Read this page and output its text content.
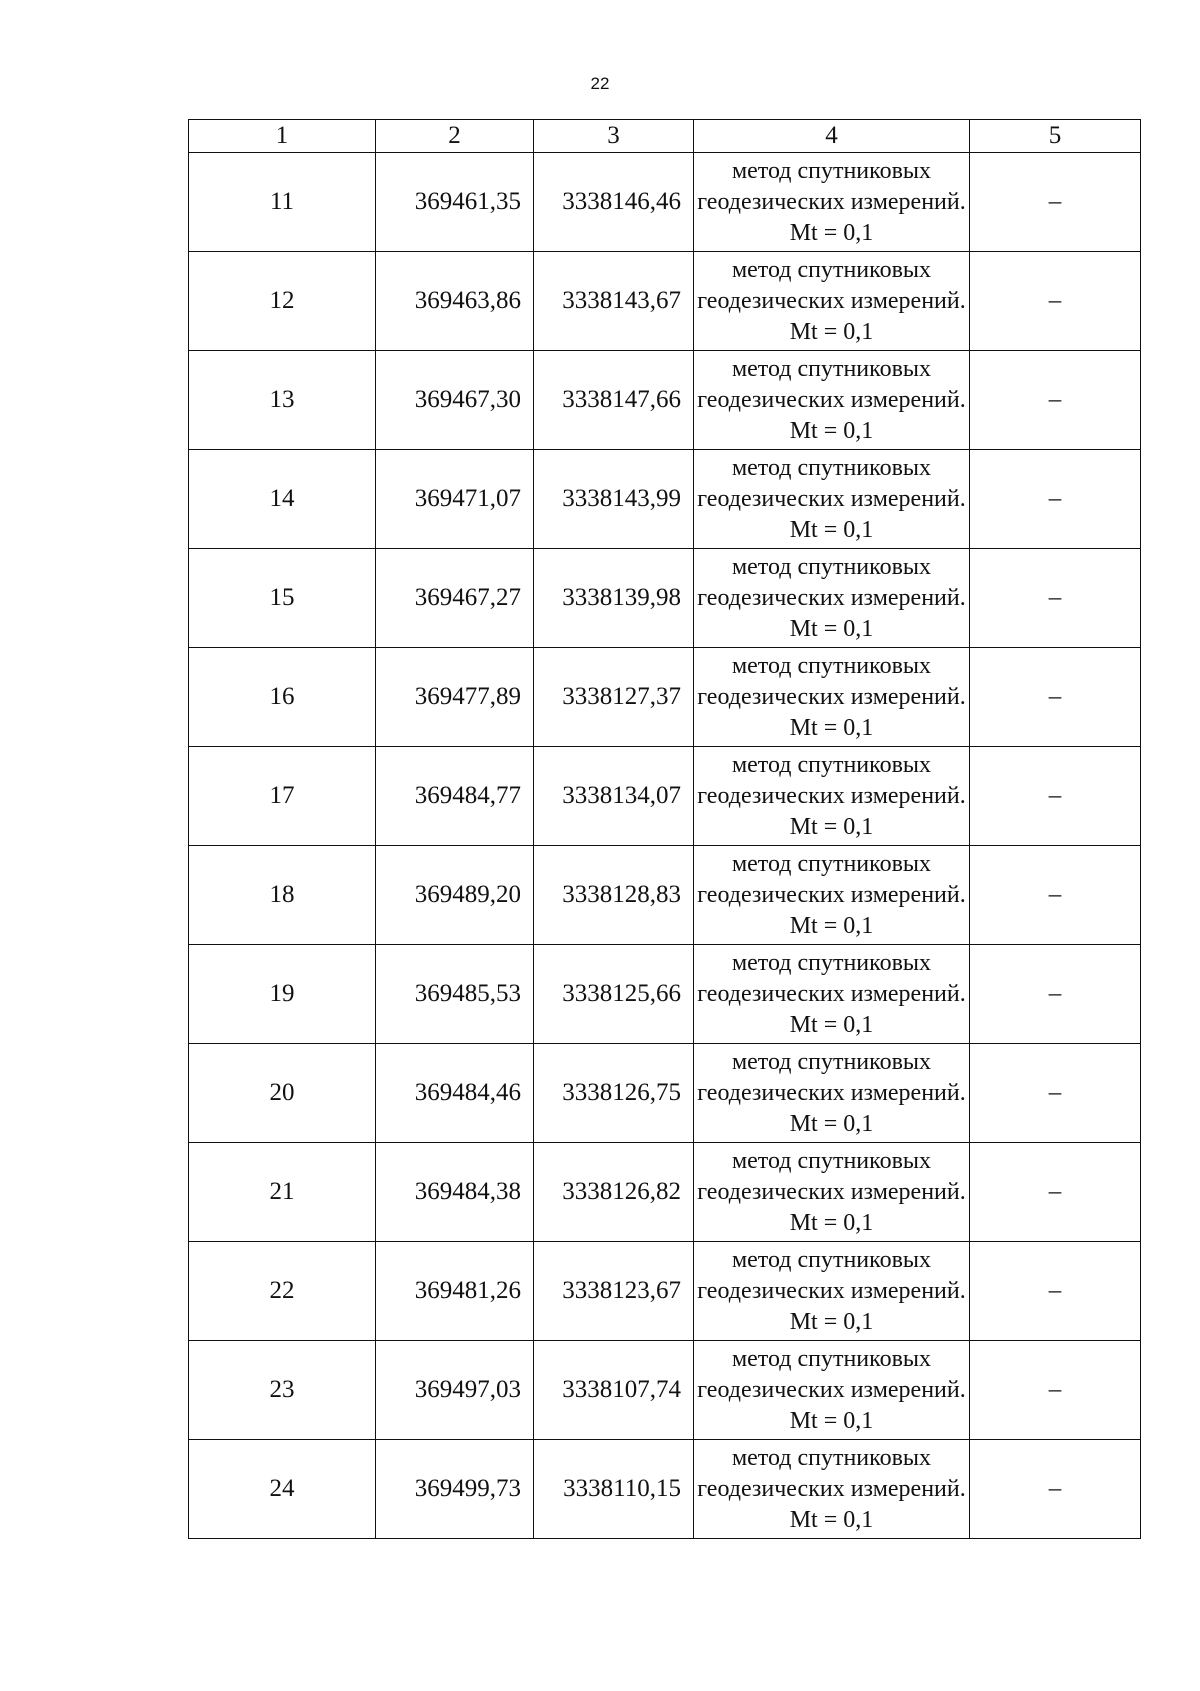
22
1	2	3	4	5
11	369461,35	3338146,46	метод спутниковых геодезических измерений. Mt = 0,1	–
12	369463,86	3338143,67	метод спутниковых геодезических измерений. Mt = 0,1	–
13	369467,30	3338147,66	метод спутниковых геодезических измерений. Mt = 0,1	–
14	369471,07	3338143,99	метод спутниковых геодезических измерений. Mt = 0,1	–
15	369467,27	3338139,98	метод спутниковых геодезических измерений. Mt = 0,1	–
16	369477,89	3338127,37	метод спутниковых геодезических измерений. Mt = 0,1	–
17	369484,77	3338134,07	метод спутниковых геодезических измерений. Mt = 0,1	–
18	369489,20	3338128,83	метод спутниковых геодезических измерений. Mt = 0,1	–
19	369485,53	3338125,66	метод спутниковых геодезических измерений. Mt = 0,1	–
20	369484,46	3338126,75	метод спутниковых геодезических измерений. Mt = 0,1	–
21	369484,38	3338126,82	метод спутниковых геодезических измерений. Mt = 0,1	–
22	369481,26	3338123,67	метод спутниковых геодезических измерений. Mt = 0,1	–
23	369497,03	3338107,74	метод спутниковых геодезических измерений. Mt = 0,1	–
24	369499,73	3338110,15	метод спутниковых геодезических измерений. Mt = 0,1	–
